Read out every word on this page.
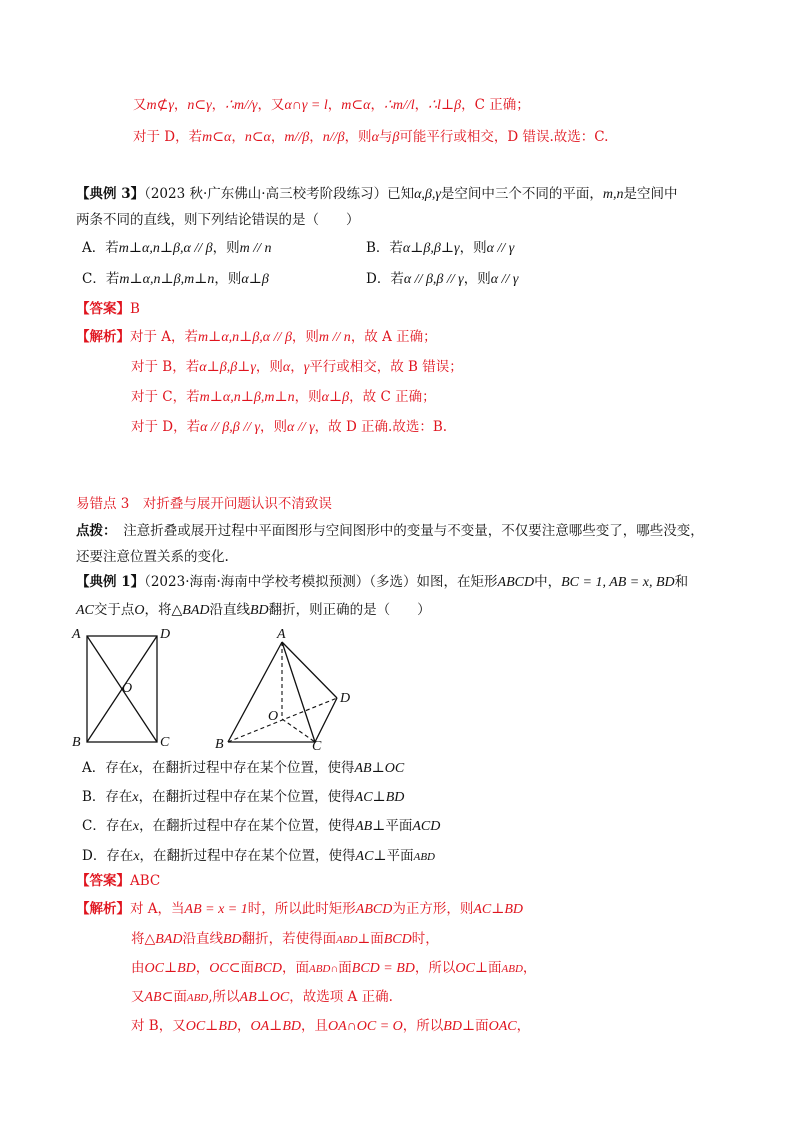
又m⊄γ，n⊂γ，∴m//γ，又α∩γ = l，m⊂α，∴m//l，∴l⊥β，C 正确；
对于 D，若m⊂α，n⊂α，m//β，n//β，则α与β可能平行或相交，D 错误.故选：C.
【典例 3】（2023 秋·广东佛山·高三校考阶段练习）已知α,β,γ是空间中三个不同的平面，m,n是空间中
两条不同的直线，则下列结论错误的是（　　）
A．若m⊥α,n⊥β,α // β，则m // n	B．若α⊥β,β⊥γ，则α // γ
C．若m⊥α,n⊥β,m⊥n，则α⊥β	D．若α // β,β // γ，则α // γ
【答案】B
【解析】对于 A，若m⊥α,n⊥β,α // β，则m // n，故 A 正确；
对于 B，若α⊥β,β⊥γ，则α，γ平行或相交，故 B 错误；
对于 C，若m⊥α,n⊥β,m⊥n，则α⊥β，故 C 正确；
对于 D，若α // β,β // γ，则α // γ，故 D 正确.故选：B.
易错点 3　对折叠与展开问题认识不清致误
点拨：　注意折叠或展开过程中平面图形与空间图形中的变量与不变量，不仅要注意哪些变了，哪些没变，
还要注意位置关系的变化.
【典例 1】（2023·海南·海南中学校考模拟预测）（多选）如图，在矩形ABCD中，BC = 1, AB = x, BD和
AC交于点O，将△BAD沿直线BD翻折，则正确的是（　　）
A	D
O
B	C
A
D
O
B	C
A．存在x，在翻折过程中存在某个位置，使得AB⊥OC
B．存在x，在翻折过程中存在某个位置，使得AC⊥BD
C．存在x，在翻折过程中存在某个位置，使得AB⊥平面ACD
D．存在x，在翻折过程中存在某个位置，使得AC⊥平面ABD
【答案】ABC
【解析】对 A，当AB = x = 1时，所以此时矩形ABCD为正方形，则AC⊥BD
将△BAD沿直线BD翻折，若使得面ABD⊥面BCD时，
由OC⊥BD，OC⊂面BCD，面ABD∩面BCD = BD，所以OC⊥面ABD，
又AB⊂面ABD,所以AB⊥OC，故选项 A 正确.
对 B，又OC⊥BD，OA⊥BD，且OA∩OC = O，所以BD⊥面OAC，
